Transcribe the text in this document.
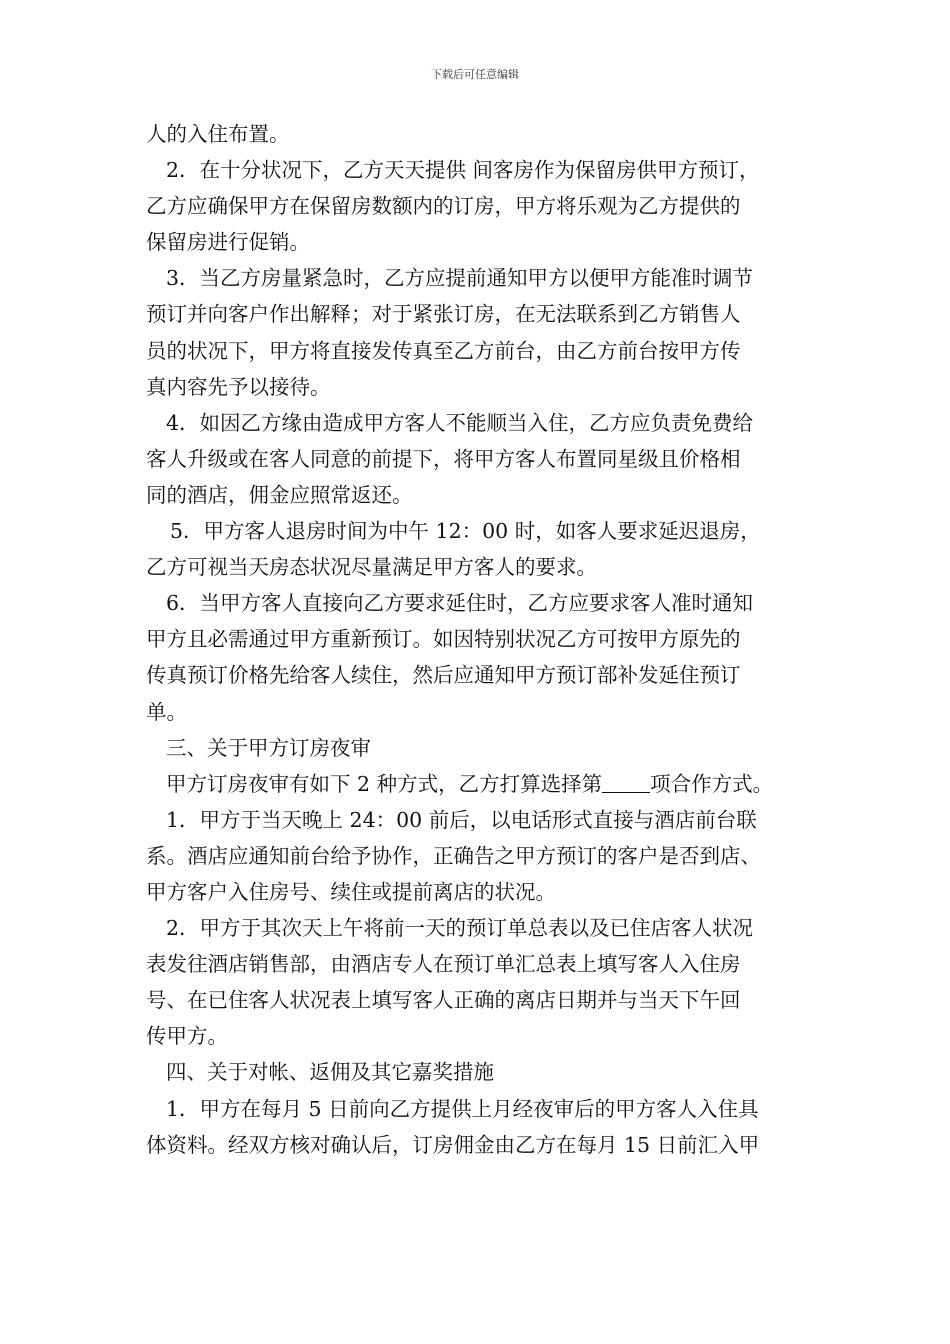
下载后可任意编辑
人的入住布置。
2．在十分状况下，乙方天天提供 间客房作为保留房供甲方预订，
乙方应确保甲方在保留房数额内的订房，甲方将乐观为乙方提供的
保留房进行促销。
3．当乙方房量紧急时，乙方应提前通知甲方以便甲方能准时调节
预订并向客户作出解释；对于紧张订房，在无法联系到乙方销售人
员的状况下，甲方将直接发传真至乙方前台，由乙方前台按甲方传
真内容先予以接待。
4．如因乙方缘由造成甲方客人不能顺当入住，乙方应负责免费给
客人升级或在客人同意的前提下，将甲方客人布置同星级且价格相
同的酒店，佣金应照常返还。
5．甲方客人退房时间为中午 12：00 时，如客人要求延迟退房，
乙方可视当天房态状况尽量满足甲方客人的要求。
6．当甲方客人直接向乙方要求延住时，乙方应要求客人准时通知
甲方且必需通过甲方重新预订。如因特别状况乙方可按甲方原先的
传真预订价格先给客人续住，然后应通知甲方预订部补发延住预订
单。
三、关于甲方订房夜审
甲方订房夜审有如下 2 种方式，乙方打算选择第 项合作方式。
1．甲方于当天晚上 24：00 前后，以电话形式直接与酒店前台联
系。酒店应通知前台给予协作，正确告之甲方预订的客户是否到店、
甲方客户入住房号、续住或提前离店的状况。
2．甲方于其次天上午将前一天的预订单总表以及已住店客人状况
表发往酒店销售部，由酒店专人在预订单汇总表上填写客人入住房
号、在已住客人状况表上填写客人正确的离店日期并与当天下午回
传甲方。
四、关于对帐、返佣及其它嘉奖措施
1．甲方在每月 5 日前向乙方提供上月经夜审后的甲方客人入住具
体资料。经双方核对确认后，订房佣金由乙方在每月 15 日前汇入甲
